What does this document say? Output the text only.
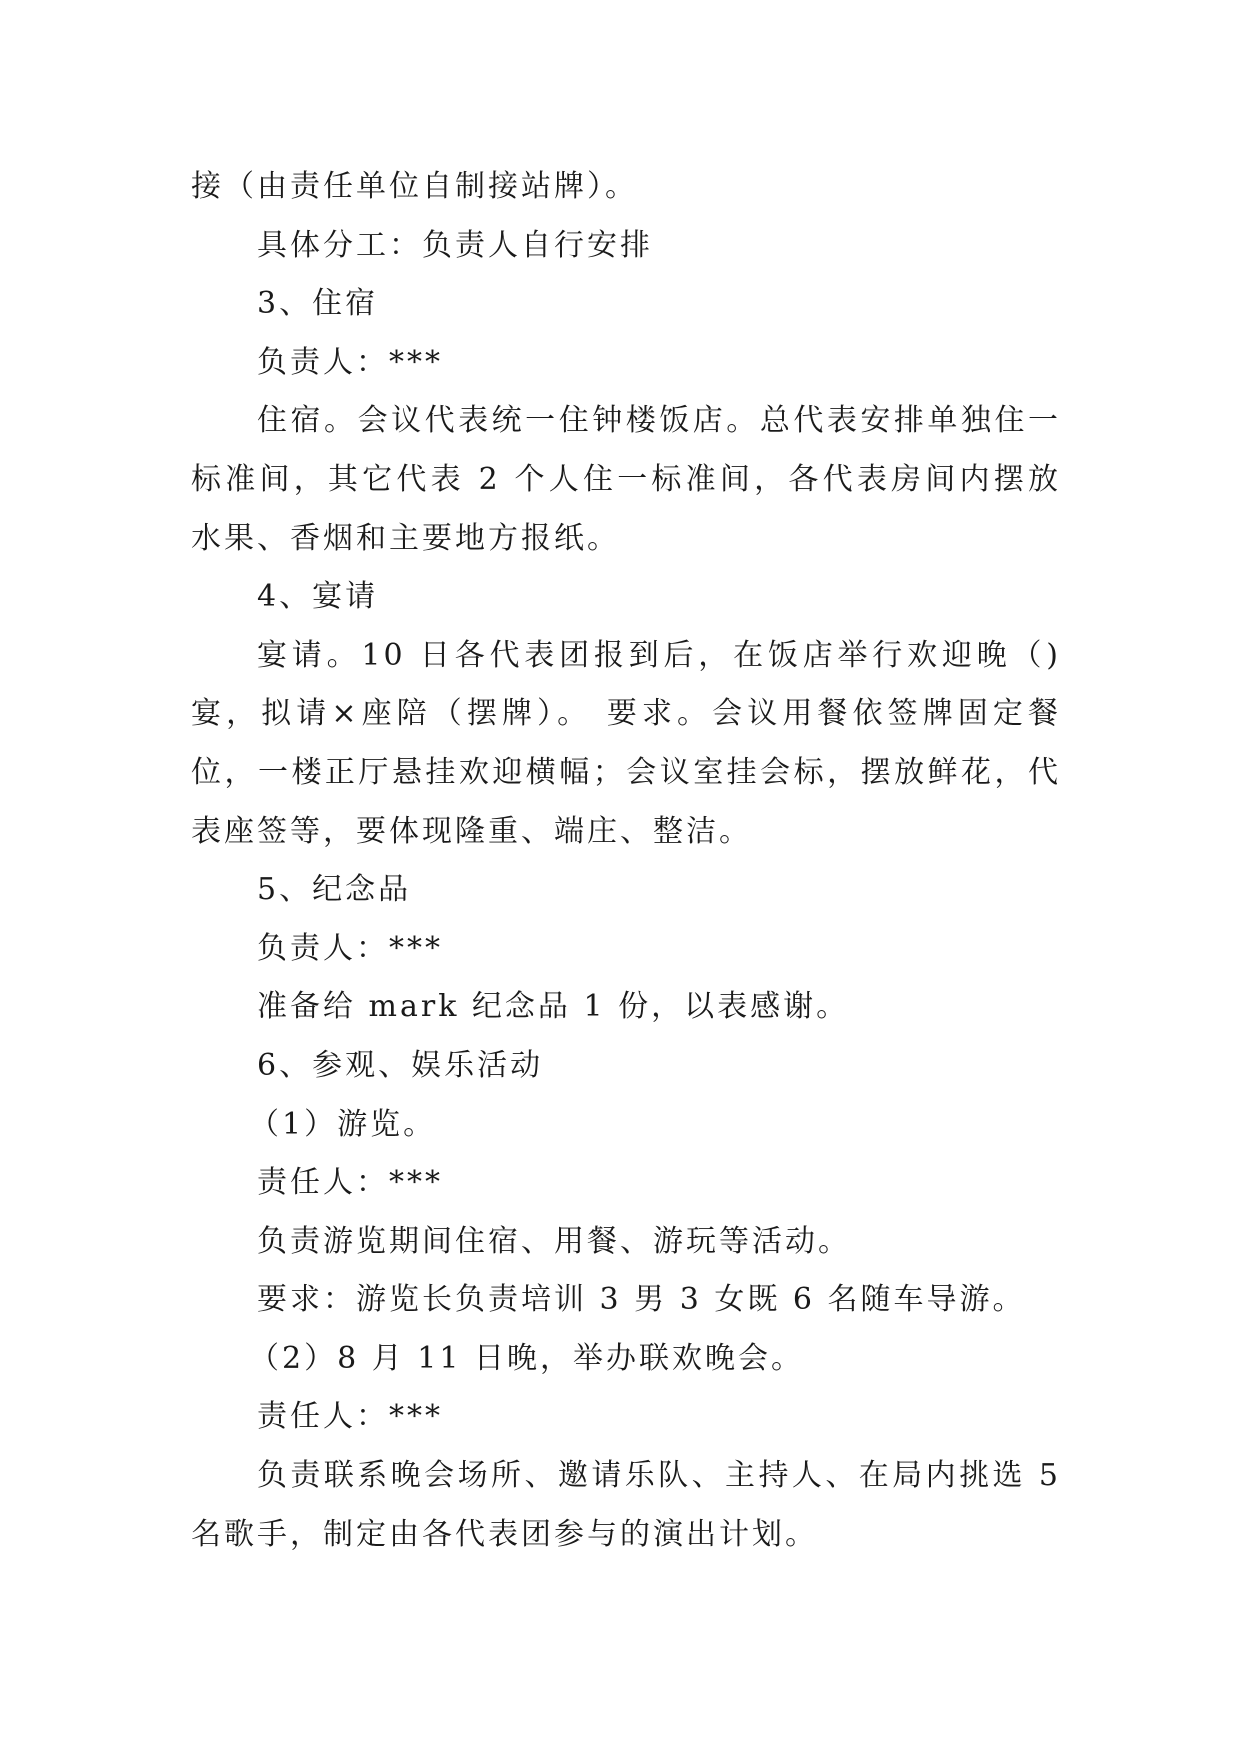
接（由责任单位自制接站牌）。

具体分工：负责人自行安排

3、住宿

负责人：***

住宿。会议代表统一住钟楼饭店。总代表安排单独住一标准间，其它代表 2 个人住一标准间，各代表房间内摆放水果、香烟和主要地方报纸。

4、宴请

宴请。10 日各代表团报到后，在饭店举行欢迎晚（)宴，拟请×座陪（摆牌）。 要求。会议用餐依签牌固定餐位，一楼正厅悬挂欢迎横幅；会议室挂会标，摆放鲜花，代表座签等，要体现隆重、端庄、整洁。

5、纪念品

负责人：***

准备给 mark 纪念品 1 份，以表感谢。

6、参观、娱乐活动

（1）游览。

责任人：***

负责游览期间住宿、用餐、游玩等活动。

要求：游览长负责培训 3 男 3 女既 6 名随车导游。

（2）8 月 11 日晚，举办联欢晚会。

责任人：***

负责联系晚会场所、邀请乐队、主持人、在局内挑选 5 名歌手，制定由各代表团参与的演出计划。
